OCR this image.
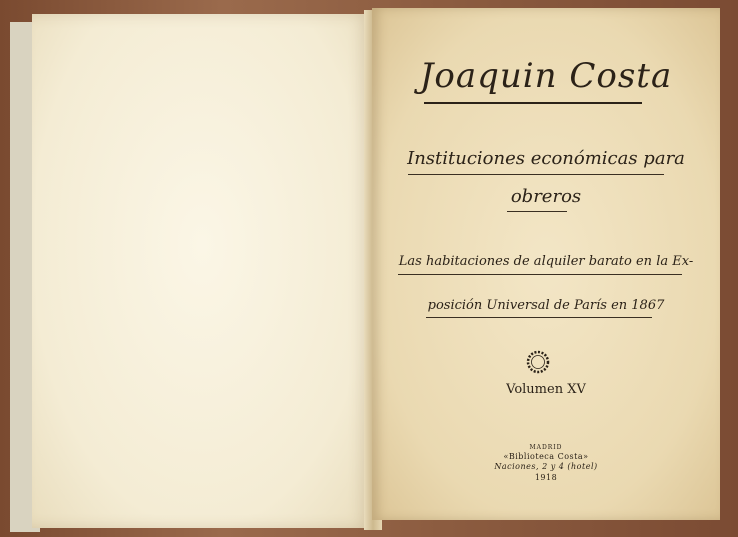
Joaquin Costa
Instituciones económicas para
obreros
Las habitaciones de alquiler barato en la Ex-
posición Universal de París en 1867
Volumen XV
MADRID
«Biblioteca Costa»
Naciones, 2 y 4 (hotel)
1918
